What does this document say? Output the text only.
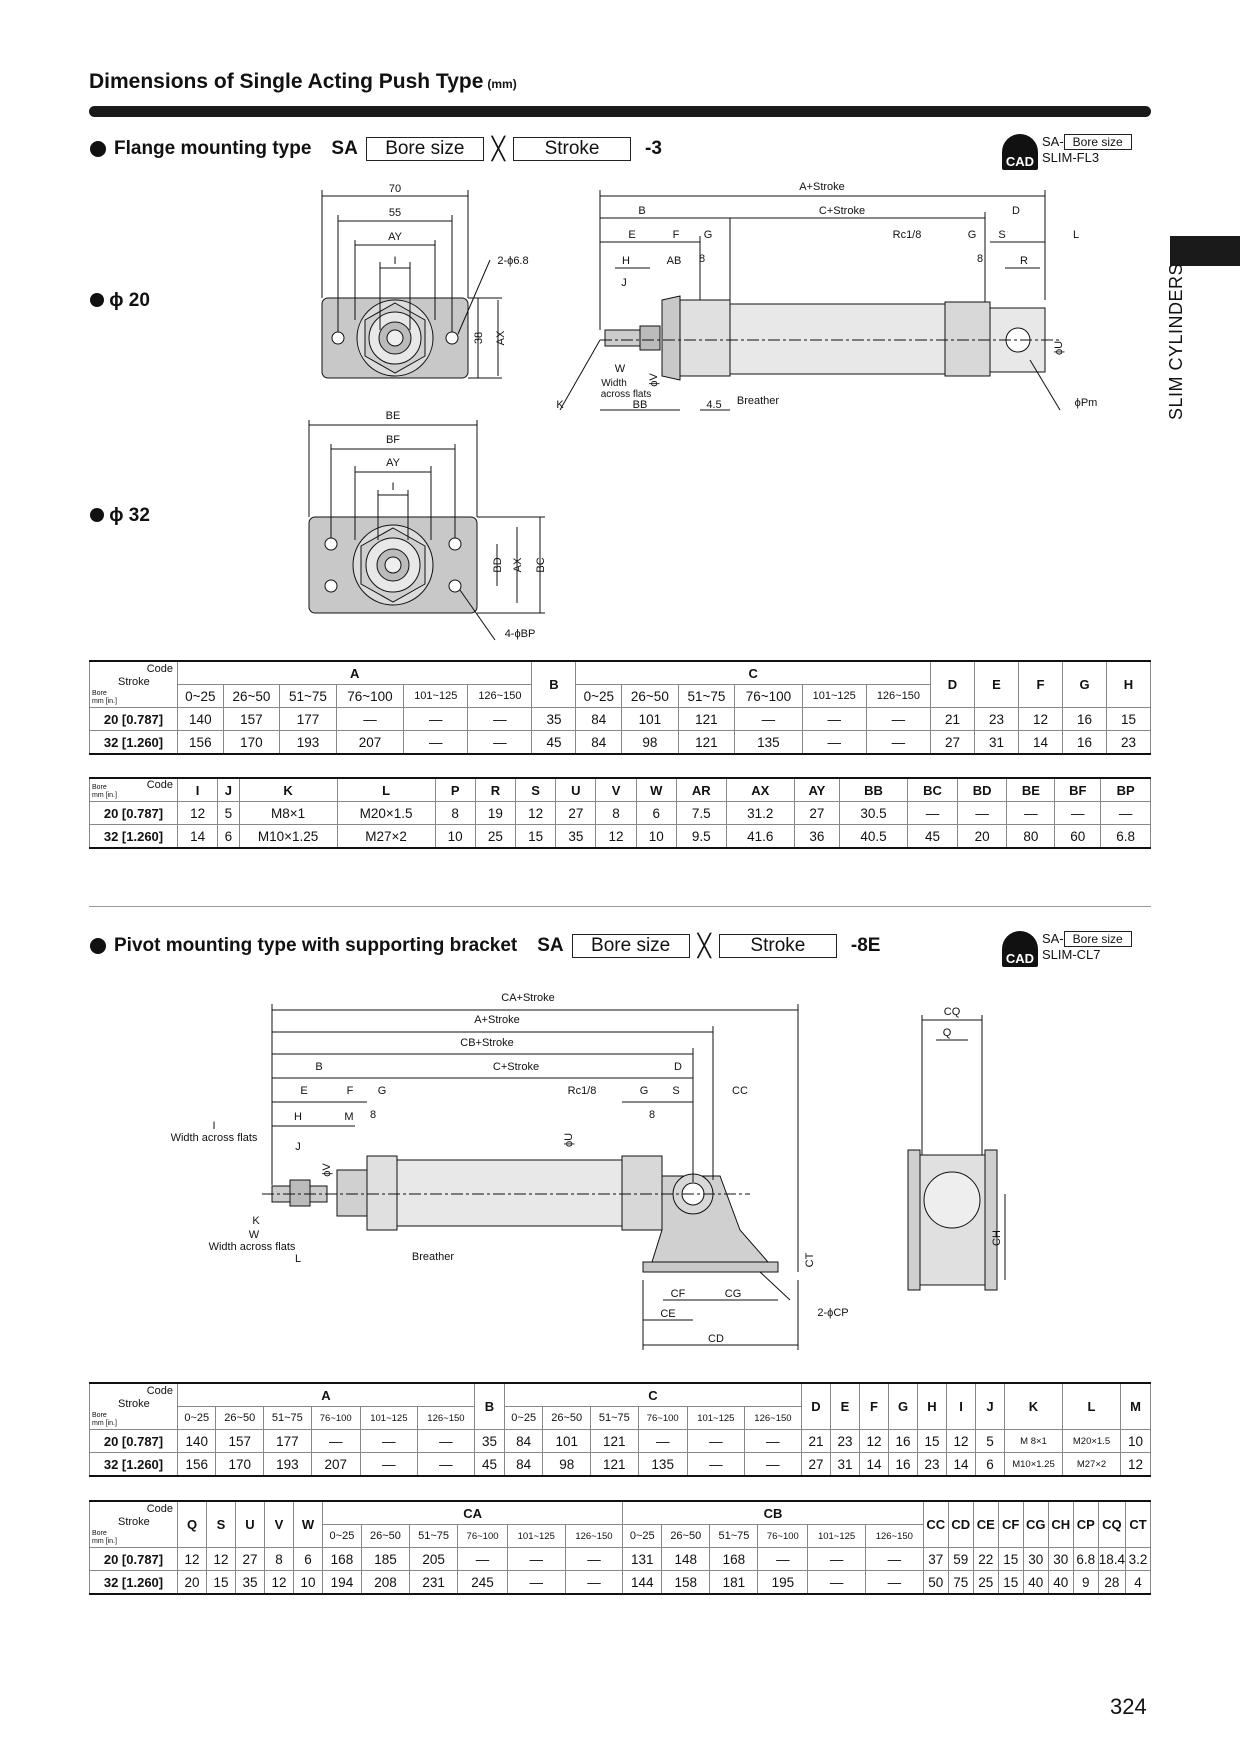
Dimensions of Single Acting Push Type (mm)
SLIM CYLINDERS
Flange mounting type SA	Bore size	╳	Stroke	-3
CAD
SA- Bore size
SLIM-FL3
ϕ 20
ϕ 32
70
55
AY
I	2-ϕ6.8
38 AX
A+Stroke
B	C+Stroke	D
E	F G	Rc1/8	G S	L
H
J
AB 8	8	R
W
Width
across flats
ϕV
K	BB	4.5 Breather
ϕU
ϕPm
BE
BF
AY
I
BD AX BC
4-ϕBP
Code
Stroke
Bore
mm [in.]	A						B	C						D	E	F	G	H
	0~25	26~50	51~75	76~100	101~125	126~150		0~25	26~50	51~75	76~100	101~125	126~150					
20 [0.787]	140	157	177	—	—	—	35	84	101	121	—	—	—	21	23	12	16	15
32 [1.260]	156	170	193	207	—	—	45	84	98	121	135	—	—	27	31	14	16	23
Code
Bore
mm [in.]	I	J	K	L	P	R	S	U	V	W	AR	AX	AY	BB	BC	BD	BE	BF	BP
20 [0.787]	12	5	M8×1	M20×1.5	8	19	12	27	8	6	7.5	31.2	27	30.5	—	—	—	—	—
32 [1.260]	14	6	M10×1.25	M27×2	10	25	15	35	12	10	9.5	41.6	36	40.5	45	20	80	60	6.8
Pivot mounting type with supporting bracket SA	Bore size	╳	Stroke	-8E
CAD
SA- Bore size
SLIM-CL7
CA+Stroke
A+Stroke
CB+Stroke
B	C+Stroke	D
E	F G	Rc1/8	G S	CC
H	M 8	8
I
Width across flats
J
ϕV
ϕU
K
W
Width across flats
L	Breather	CT
CF	CG
CE
CD
2-ϕCP
CQ
Q
CH
Code
Stroke
Bore
mm [in.]	A						B	C						D	E	F	G	H	I	J	K	L	M
	0~25	26~50	51~75	76~100	101~125	126~150		0~25	26~50	51~75	76~100	101~125	126~150										
20 [0.787]	140	157	177	—	—	—	35	84	101	121	—	—	—	21	23	12	16	15	12	5	M 8×1	M20×1.5	10
32 [1.260]	156	170	193	207	—	—	45	84	98	121	135	—	—	27	31	14	16	23	14	6	M10×1.25	M27×2	12
Code
Stroke
Bore
mm [in.]	Q	S	U	V	W	CA						CB						CC	CD	CE	CF	CG	CH	CP	CQ	CT
						0~25	26~50	51~75	76~100	101~125	126~150	0~25	26~50	51~75	76~100	101~125	126~150									
20 [0.787]	12	12	27	8	6	168	185	205	—	—	—	131	148	168	—	—	—	37	59	22	15	30	30	6.8	18.4	3.2
32 [1.260]	20	15	35	12	10	194	208	231	245	—	—	144	158	181	195	—	—	50	75	25	15	40	40	9	28	4
324
